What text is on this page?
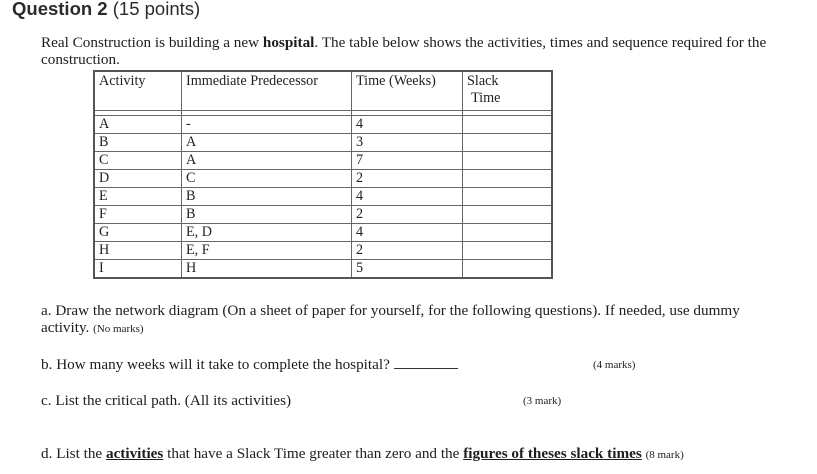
Question 2 (15 points)
Real Construction is building a new hospital. The table below shows the activities, times and sequence required for the construction.
Activity	Immediate Predecessor	Time (Weeks)	Slack
Time

A	-	4	
B	A	3	
C	A	7	
D	C	2	
E	B	4	
F	B	2	
G	E, D	4	
H	E, F	2	
I	H	5	
a. Draw the network diagram (On a sheet of paper for yourself, for the following questions). If needed, use dummy activity. (No marks)
b. How many weeks will it take to complete the hospital?	(4 marks)
c. List the critical path. (All its activities)	(3 mark)
d. List the activities that have a Slack Time greater than zero and the figures of theses slack times (8 mark)
